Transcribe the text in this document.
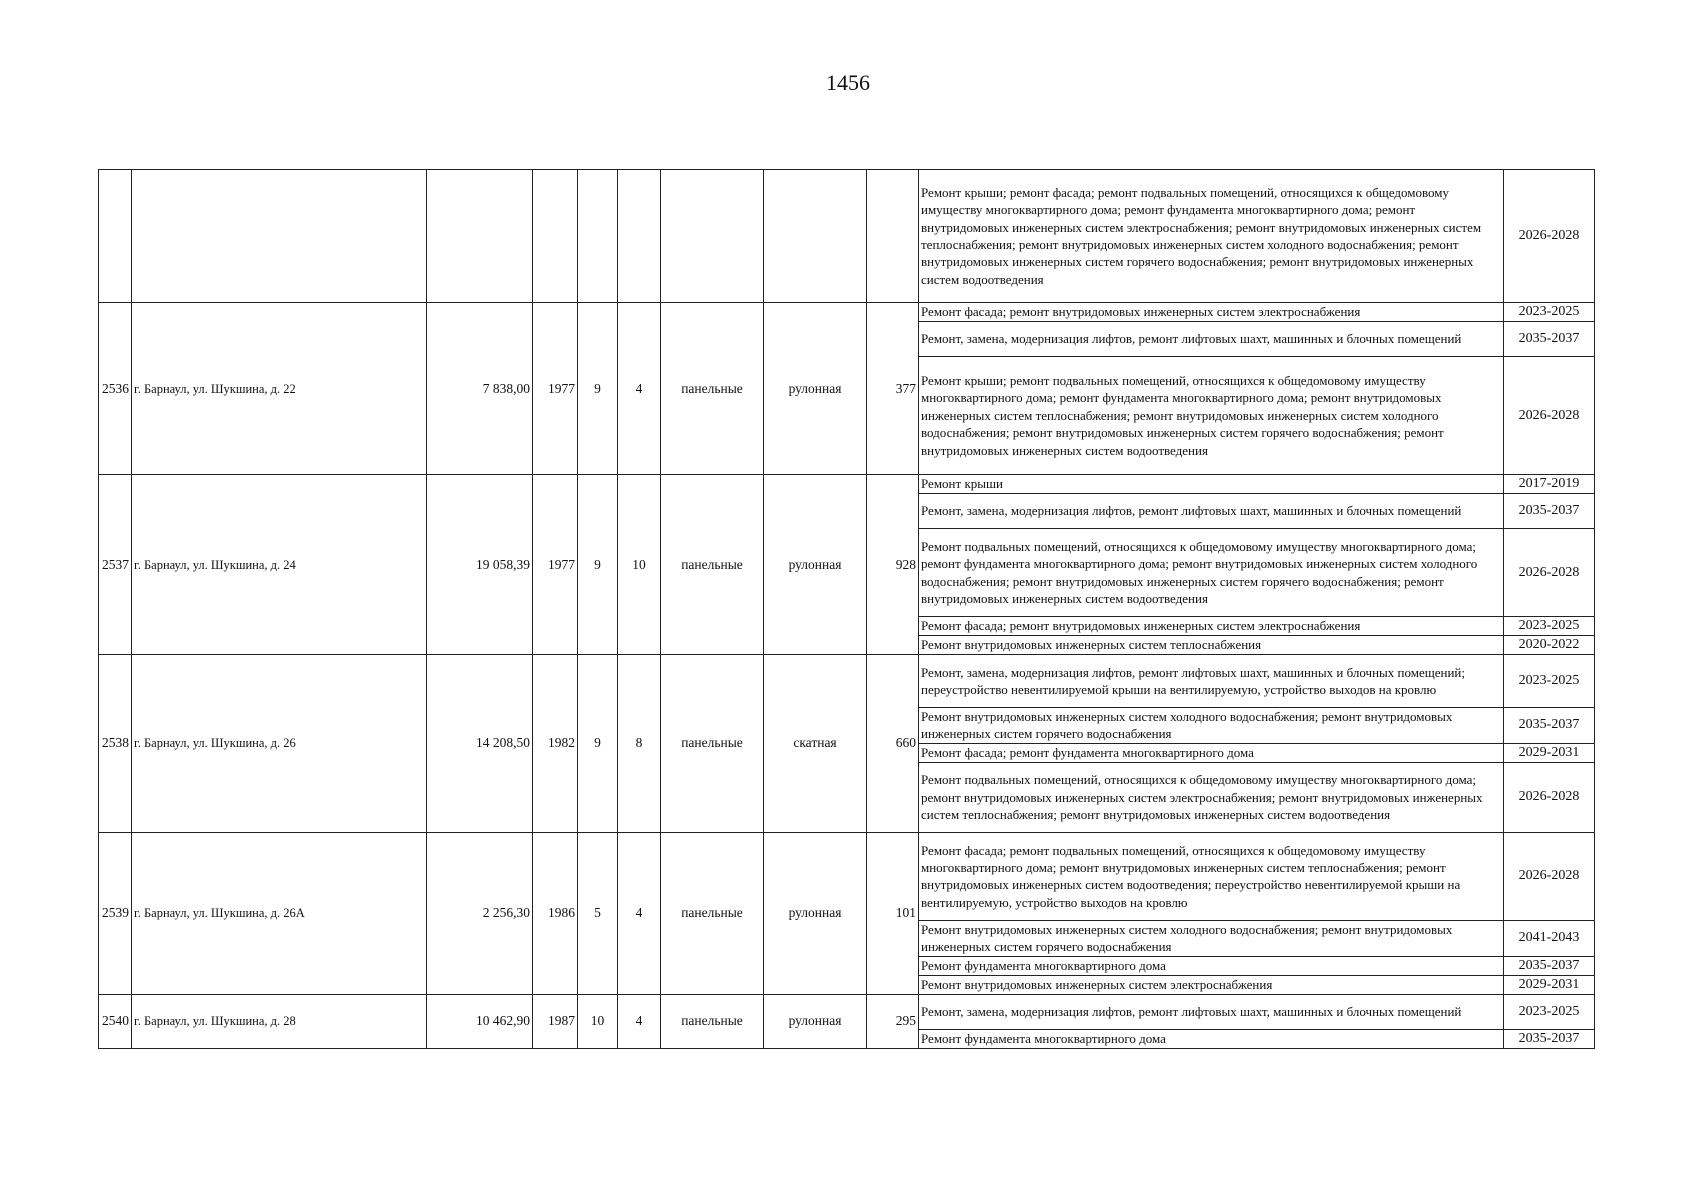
1456
									Ремонт крыши; ремонт фасада; ремонт подвальных помещений, относящихся к общедомовому имуществу многоквартирного дома; ремонт фундамента многоквартирного дома; ремонт внутридомовых инженерных систем электроснабжения; ремонт внутридомовых инженерных систем теплоснабжения; ремонт внутридомовых инженерных систем холодного водоснабжения; ремонт внутридомовых инженерных систем горячего водоснабжения; ремонт внутридомовых инженерных систем водоотведения	2026-2028
2536	г. Барнаул, ул. Шукшина, д. 22	7 838,00	1977	9	4	панельные	рулонная	377	Ремонт фасада; ремонт внутридомовых инженерных систем электроснабжения	2023-2025
									Ремонт, замена, модернизация лифтов, ремонт лифтовых шахт, машинных и блочных помещений	2035-2037
									Ремонт крыши; ремонт подвальных помещений, относящихся к общедомовому имуществу многоквартирного дома; ремонт фундамента многоквартирного дома; ремонт внутридомовых инженерных систем теплоснабжения; ремонт внутридомовых инженерных систем холодного водоснабжения; ремонт внутридомовых инженерных систем горячего водоснабжения; ремонт внутридомовых инженерных систем водоотведения	2026-2028
2537	г. Барнаул, ул. Шукшина, д. 24	19 058,39	1977	9	10	панельные	рулонная	928	Ремонт крыши	2017-2019
									Ремонт, замена, модернизация лифтов, ремонт лифтовых шахт, машинных и блочных помещений	2035-2037
									Ремонт подвальных помещений, относящихся к общедомовому имуществу многоквартирного дома; ремонт фундамента многоквартирного дома; ремонт внутридомовых инженерных систем холодного водоснабжения; ремонт внутридомовых инженерных систем горячего водоснабжения; ремонт внутридомовых инженерных систем водоотведения	2026-2028
									Ремонт фасада; ремонт внутридомовых инженерных систем электроснабжения	2023-2025
									Ремонт внутридомовых инженерных систем теплоснабжения	2020-2022
2538	г. Барнаул, ул. Шукшина, д. 26	14 208,50	1982	9	8	панельные	скатная	660	Ремонт, замена, модернизация лифтов, ремонт лифтовых шахт, машинных и блочных помещений; переустройство невентилируемой крыши на вентилируемую, устройство выходов на кровлю	2023-2025
									Ремонт внутридомовых инженерных систем холодного водоснабжения; ремонт внутридомовых инженерных систем горячего водоснабжения	2035-2037
									Ремонт фасада; ремонт фундамента многоквартирного дома	2029-2031
									Ремонт подвальных помещений, относящихся к общедомовому имуществу многоквартирного дома; ремонт внутридомовых инженерных систем электроснабжения; ремонт внутридомовых инженерных систем теплоснабжения; ремонт внутридомовых инженерных систем водоотведения	2026-2028
2539	г. Барнаул, ул. Шукшина, д. 26А	2 256,30	1986	5	4	панельные	рулонная	101	Ремонт фасада; ремонт подвальных помещений, относящихся к общедомовому имуществу многоквартирного дома; ремонт внутридомовых инженерных систем теплоснабжения; ремонт внутридомовых инженерных систем водоотведения; переустройство невентилируемой крыши на вентилируемую, устройство выходов на кровлю	2026-2028
									Ремонт внутридомовых инженерных систем холодного водоснабжения; ремонт внутридомовых инженерных систем горячего водоснабжения	2041-2043
									Ремонт фундамента многоквартирного дома	2035-2037
									Ремонт внутридомовых инженерных систем электроснабжения	2029-2031
2540	г. Барнаул, ул. Шукшина, д. 28	10 462,90	1987	10	4	панельные	рулонная	295	Ремонт, замена, модернизация лифтов, ремонт лифтовых шахт, машинных и блочных помещений	2023-2025
									Ремонт фундамента многоквартирного дома	2035-2037
